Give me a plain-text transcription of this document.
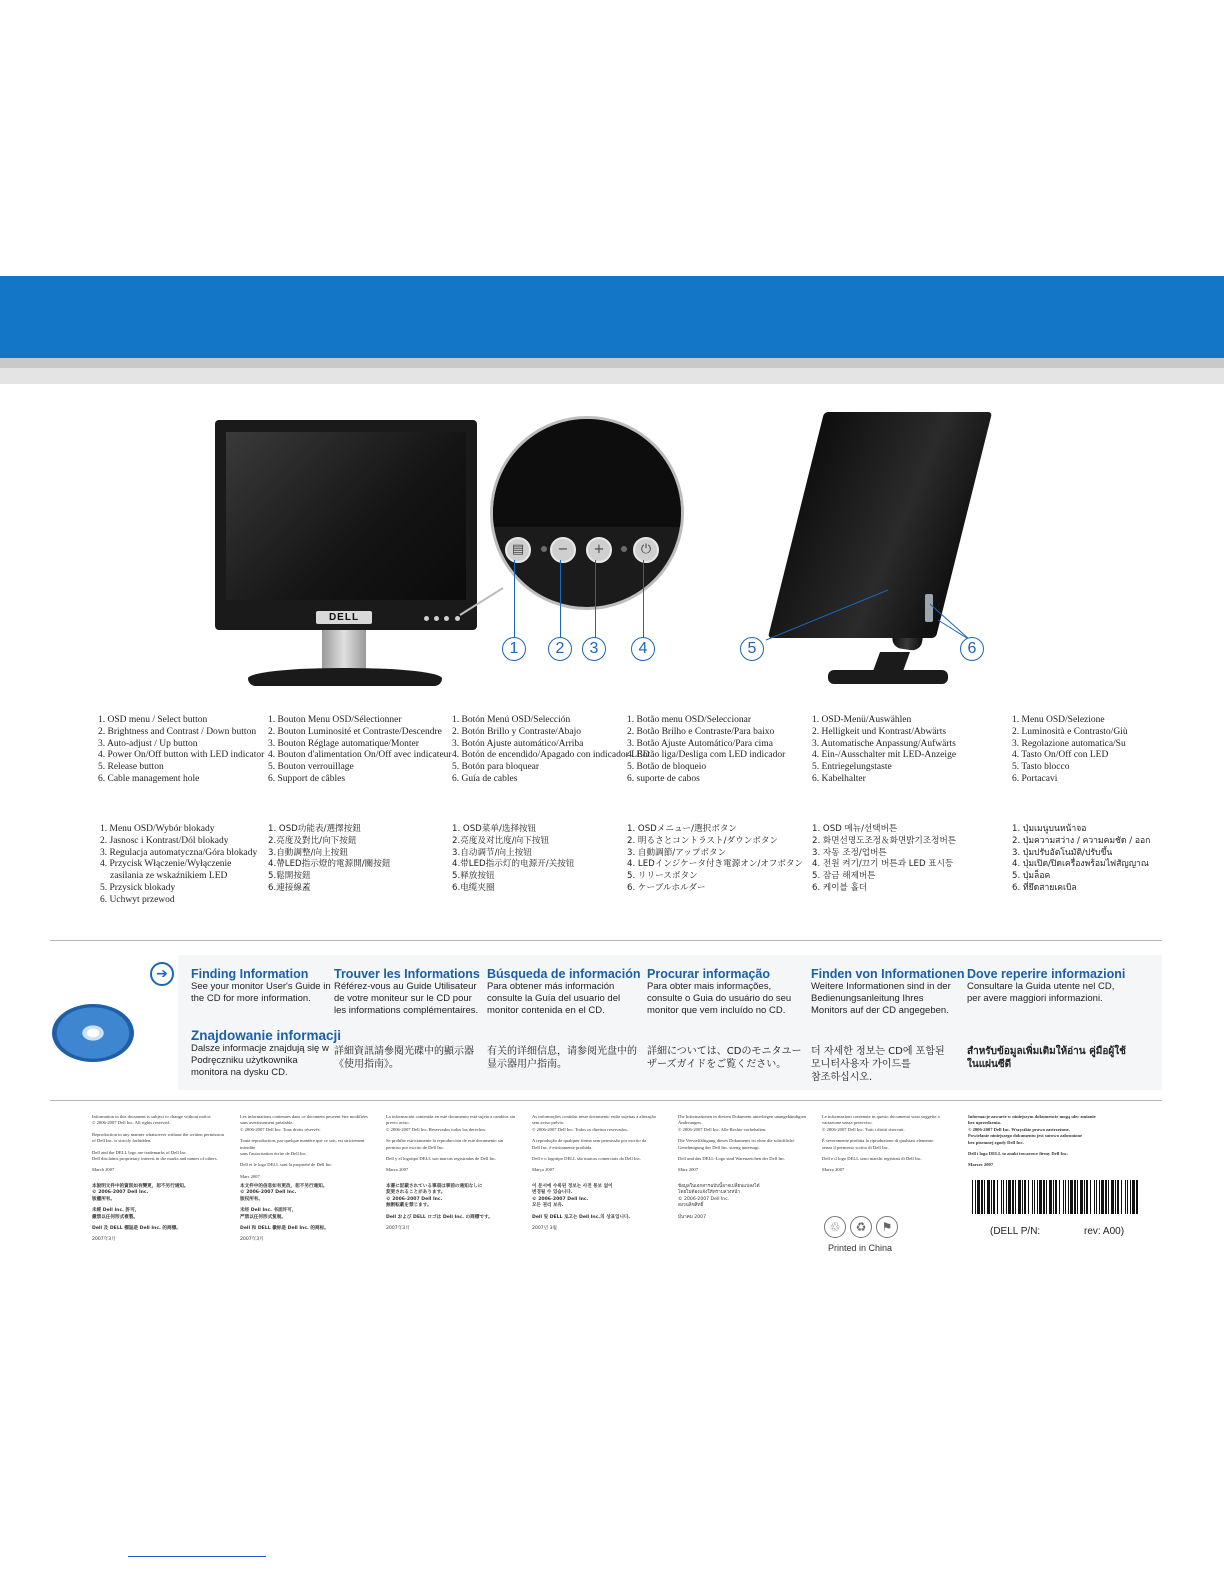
DELL
▤	−	+	⏻
1	2	3	4	5	6
1. OSD menu / Select button
2. Brightness and Contrast / Down button
3. Auto-adjust / Up button
4. Power On/Off button with LED indicator
5. Release button
6. Cable management hole
1. Bouton Menu OSD/Sélectionner
2. Bouton Luminosité et Contraste/Descendre
3. Bouton Réglage automatique/Monter
4. Bouton d'alimentation On/Off avec indicateur
5. Bouton verrouillage
6. Support de câbles
1. Botón Menú OSD/Selección
2. Botón Brillo y Contraste/Abajo
3. Botón Ajuste automático/Arriba
4. Botón de encendido/Apagado con indicador LED
5. Botón para bloquear
6. Guía de cables
1. Botão menu OSD/Seleccionar
2. Botão Brilho e Contraste/Para baixo
3. Botão Ajuste Automático/Para cima
4. Botão liga/Desliga com LED indicador
5. Botão de bloqueio
6. suporte de cabos
1. OSD-Menü/Auswählen
2. Helligkeit und Kontrast/Abwärts
3. Automatische Anpassung/Aufwärts
4. Ein-/Ausschalter mit LED-Anzeige
5. Entriegelungstaste
6. Kabelhalter
1. Menu OSD/Selezione
2. Luminosità e Contrasto/Giù
3. Regolazione automatica/Su
4. Tasto On/Off con LED
5. Tasto blocco
6. Portacavi
1. Menu OSD/Wybór blokady
2. Jasnosc i Kontrast/Dól blokady
3. Regulacja automatyczna/Góra blokady
4. Przycisk Włączenie/Wyłączenie
zasilania ze wskaźnikiem LED
5. Przysick blokady
6. Uchwyt przewod
1. OSD功能表/選擇按鈕
2.亮度及對比/向下按鈕
3.自動調整/向上按鈕
4.帶LED指示燈的電源開/關按鈕
5.鬆開按鈕
6.連接線蓋
1. OSD菜单/选择按钮
2.亮度及对比度/向下按钮
3.自动调节/向上按钮
4.带LED指示灯的电源开/关按钮
5.释放按钮
6.电缆夹圈
1. OSDメニュー/選択ボタン
2. 明るさとコントラスト/ダウンボタン
3. 自動調節/アップボタン
4. LEDインジケータ付き電源オン/オフボタン
5. リリースボタン
6. ケーブルホルダー
1. OSD 메뉴/선택버튼
2. 화면선명도조정＆화면밝기조정버튼
3. 자동 조정/업버튼
4. 전원 켜기/끄기 버튼과 LED 표시등
5. 잠금 해제버튼
6. 케이블 홀더
1. ปุ่มเมนูบนหน้าจอ
2. ปุ่มความสว่าง / ความคมชัด / ออก
3. ปุ่มปรับอัตโนมัติ/ปรับขึ้น
4. ปุ่มเปิด/ปิดเครื่องพร้อมไฟสัญญาณ
5. ปุ่มล็อค
6. ที่ยึดสายเคเบิล
➔	Finding Information
See your monitor User's Guide in
the CD for more information.
Trouver les Informations
Référez-vous au Guide Utilisateur
de votre moniteur sur le CD pour
les informations complémentaires.
Búsqueda de información
Para obtener más información
consulte la Guía del usuario del
monitor contenida en el CD.
Procurar informação
Para obter mais informações,
consulte o Guia do usuário do seu
monitor que vem incluído no CD.
Finden von Informationen
Weitere Informationen sind in der
Bedienungsanleitung Ihres
Monitors auf der CD angegeben.
Dove reperire informazioni
Consultare la Guida utente nel CD,
per avere maggiori informazioni.
Znajdowanie informacji
Dalsze informacje znajdują się w
Podręczniku użytkownika
monitora na dysku CD.
詳細資訊請參閱光碟中的顯示器
《使用指南》。
有关的详细信息，请参阅光盘中的
显示器用户指南。
詳細については、CDのモニタユー
ザーズガイドをご覧ください。
더 자세한 정보는 CD에 포함된
모니터사용자 가이드를
참조하십시오.
สำหรับข้อมูลเพิ่มเติมให้อ่าน คู่มือผู้ใช้
ในแผ่นซีดี
Information in this document is subject to change without notice.
© 2006-2007 Dell Inc. All rights reserved.
Reproduction in any manner whatsoever without the written permission
of Dell Inc. is strictly forbidden.
Dell and the DELL logo are trademarks of Dell Inc.
Dell disclaims proprietary interest in the marks and names of others.
March 2007
Les informations contenues dans ce document peuvent être modifiées
sans avertissement préalable.
© 2006-2007 Dell Inc. Tous droits réservés.
Toute reproduction, par quelque manière que ce soit, est strictement interdite
sans l'autorisation écrite de Dell Inc.
Dell et le logo DELL sont la propriété de Dell Inc.
Mars 2007
La información contenida en este documento está sujeta a cambios sin
previo aviso.
© 2006-2007 Dell Inc. Reservados todos los derechos.
Se prohíbe estrictamente la reproducción de este documento sin
permiso por escrito de Dell Inc.
Dell y el logotipo DELL son marcas registradas de Dell Inc.
Marzo 2007
As informações contidas neste documento estão sujeitas a alteração
sem aviso prévio.
© 2006-2007 Dell Inc. Todos os direitos reservados.
A reprodução de qualquer forma sem permissão por escrito da
Dell Inc. é estritamente proibida.
Dell e o logotipo DELL são marcas comerciais da Dell Inc.
Março 2007
Die Informationen in diesem Dokument unterliegen unangekündigten
Änderungen.
© 2006-2007 Dell Inc. Alle Rechte vorbehalten.
Die Vervielfältigung dieses Dokuments ist ohne die schriftliche
Genehmigung der Dell Inc. streng untersagt.
Dell und das DELL-Logo sind Warenzeichen der Dell Inc.
März 2007
Le informazioni contenute in questo documento sono soggette a
variazione senza preavviso.
© 2006-2007 Dell Inc. Tutti i diritti riservati.
È severamente proibita la riproduzione di qualsiasi elemento
senza il permesso scritto di Dell Inc.
Dell e il logo DELL sono marchi registrati di Dell Inc.
Marzo 2007
Informacje zawarte w niniejszym dokumencie mogą ulec zmianie
bez uprzedzenia.
© 2006-2007 Dell Inc. Wszystkie prawa zastrzeżone.
Powielanie niniejszego dokumentu jest surowo zabronione
bez pisemnej zgody Dell Inc.
Dell i logo DELL to znaki towarowe firmy Dell Inc.
Marzec 2007
本說明文件中的資訊如有變更，恕不另行通知。
© 2006-2007 Dell Inc.
版權所有。
未經 Dell Inc. 許可，
嚴禁以任何形式複製。
Dell 及 DELL 標誌是 Dell Inc. 的商標。
2007年3月
本文件中的信息如有更改，恕不另行通知。
© 2006-2007 Dell Inc.
版权所有。
未经 Dell Inc. 书面许可，
严禁以任何形式复制。
Dell 和 DELL 徽标是 Dell Inc. 的商标。
2007年3月
本書に記載されている事項は事前の通知なしに
変更されることがあります。
© 2006-2007 Dell Inc.
無断転載を禁じます。
Dell および DELL ロゴは Dell Inc. の商標です。
2007年3月
이 문서에 수록된 정보는 사전 통보 없이
변경될 수 있습니다.
© 2006-2007 Dell Inc.
모든 권리 보유.
Dell 및 DELL 로고는 Dell Inc.의 상표입니다.
2007년 3월
ข้อมูลในเอกสารฉบับนี้อาจเปลี่ยนแปลงได้
โดยไม่ต้องแจ้งให้ทราบล่วงหน้า
© 2006-2007 Dell Inc.
สงวนลิขสิทธิ์
มีนาคม 2007
♲	♻	⚑
Printed in China
(DELL P/N:	rev: A00)
